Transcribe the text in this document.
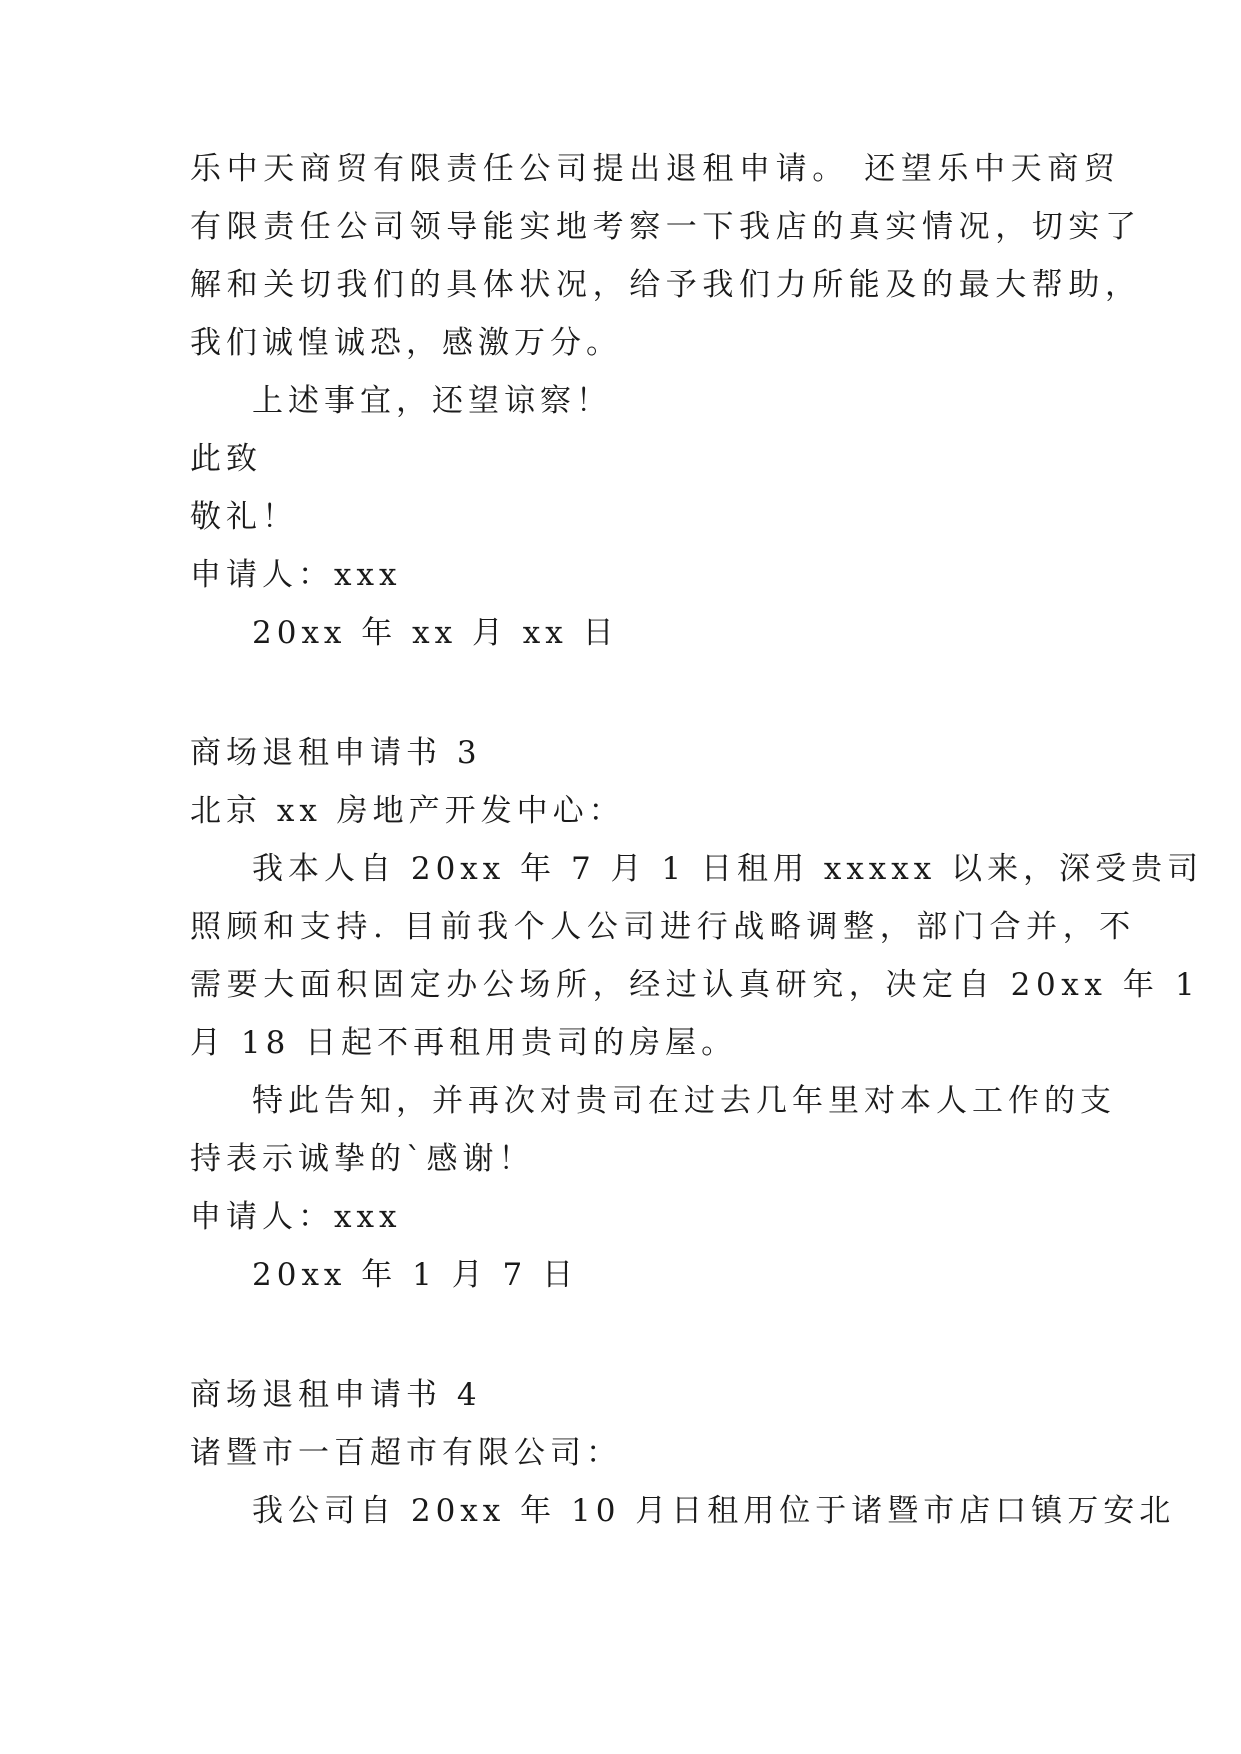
乐中天商贸有限责任公司提出退租申请。 还望乐中天商贸
有限责任公司领导能实地考察一下我店的真实情况，切实了
解和关切我们的具体状况，给予我们力所能及的最大帮助，
我们诚惶诚恐，感激万分。
上述事宜，还望谅察！
此致
敬礼！
申请人：xxx
20xx 年 xx 月 xx 日
商场退租申请书 3
北京 xx 房地产开发中心：
我本人自 20xx 年 7 月 1 日租用 xxxxx 以来，深受贵司
照顾和支持. 目前我个人公司进行战略调整，部门合并，不
需要大面积固定办公场所，经过认真研究，决定自 20xx 年 1
月 18 日起不再租用贵司的房屋。
特此告知，并再次对贵司在过去几年里对本人工作的支
持表示诚挚的`感谢！
申请人：xxx
20xx 年 1 月 7 日
商场退租申请书 4
诸暨市一百超市有限公司：
我公司自 20xx 年 10 月日租用位于诸暨市店口镇万安北
